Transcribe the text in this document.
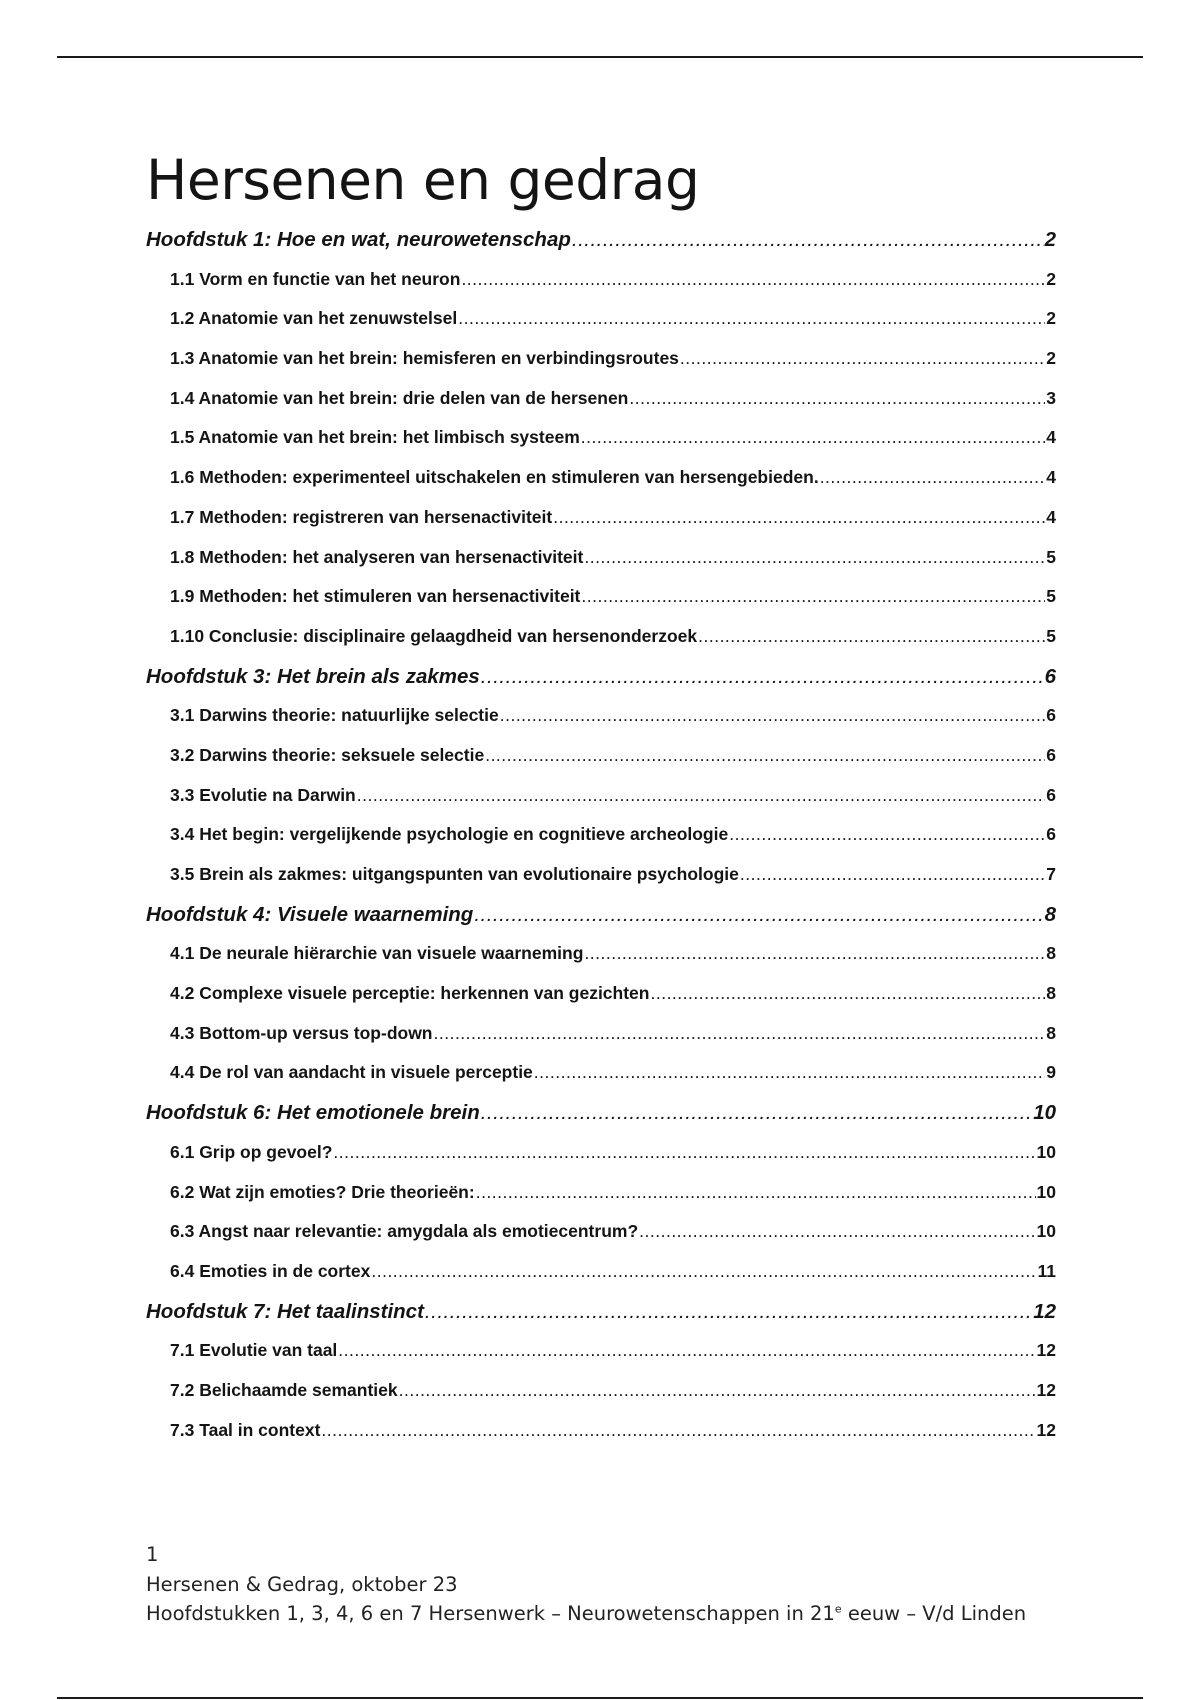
Hersenen en gedrag
Hoofdstuk 1: Hoe en wat, neurowetenschap .....	2
1.1 Vorm en functie van het neuron .....	2
1.2 Anatomie van het zenuwstelsel .....	2
1.3 Anatomie van het brein: hemisferen en verbindingsroutes .....	2
1.4 Anatomie van het brein: drie delen van de hersenen .....	3
1.5 Anatomie van het brein: het limbisch systeem .....	4
1.6 Methoden: experimenteel uitschakelen en stimuleren van hersengebieden. .....	4
1.7 Methoden: registreren van hersenactiviteit .....	4
1.8 Methoden: het analyseren van hersenactiviteit .....	5
1.9 Methoden: het stimuleren van hersenactiviteit .....	5
1.10 Conclusie: disciplinaire gelaagdheid van hersenonderzoek .....	5
Hoofdstuk 3: Het brein als zakmes .....	6
3.1 Darwins theorie: natuurlijke selectie .....	6
3.2 Darwins theorie: seksuele selectie .....	6
3.3 Evolutie na Darwin .....	6
3.4 Het begin: vergelijkende psychologie en cognitieve archeologie .....	6
3.5 Brein als zakmes: uitgangspunten van evolutionaire psychologie .....	7
Hoofdstuk 4: Visuele waarneming .....	8
4.1 De neurale hiërarchie van visuele waarneming .....	8
4.2 Complexe visuele perceptie: herkennen van gezichten .....	8
4.3 Bottom-up versus top-down .....	8
4.4 De rol van aandacht in visuele perceptie .....	9
Hoofdstuk 6: Het emotionele brein .....	10
6.1 Grip op gevoel? .....	10
6.2 Wat zijn emoties? Drie theorieën: .....	10
6.3 Angst naar relevantie: amygdala als emotiecentrum? .....	10
6.4 Emoties in de cortex .....	11
Hoofdstuk 7: Het taalinstinct .....	12
7.1 Evolutie van taal .....	12
7.2 Belichaamde semantiek .....	12
7.3 Taal in context .....	12
1
Hersenen & Gedrag, oktober 23
Hoofdstukken 1, 3, 4, 6 en 7 Hersenwerk – Neurowetenschappen in 21e eeuw – V/d Linden
